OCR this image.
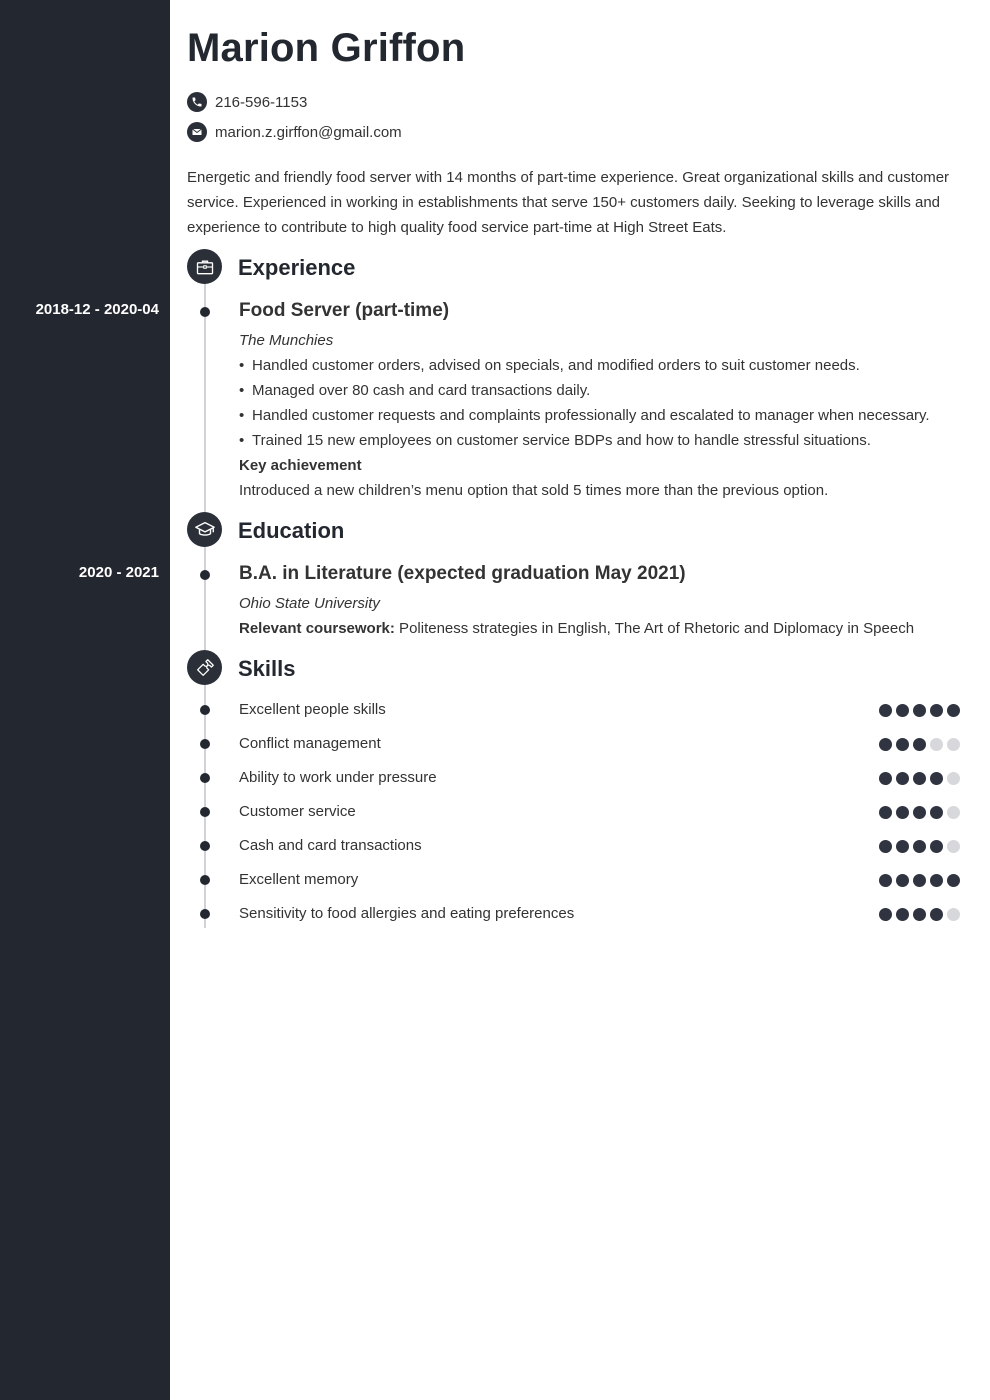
Marion Griffon
216-596-1153
marion.z.girffon@gmail.com

Energetic and friendly food server with 14 months of part-time experience. Great organizational skills and customer service. Experienced in working in establishments that serve 150+ customers daily. Seeking to leverage skills and experience to contribute to high quality food service part-time at High Street Eats.

Experience
2018-12 - 2020-04	Food Server (part-time)
The Munchies
• Handled customer orders, advised on specials, and modified orders to suit customer needs.
• Managed over 80 cash and card transactions daily.
• Handled customer requests and complaints professionally and escalated to manager when necessary.
• Trained 15 new employees on customer service BDPs and how to handle stressful situations.
Key achievement
Introduced a new children’s menu option that sold 5 times more than the previous option.
Education
2020 - 2021	B.A. in Literature (expected graduation May 2021)
Ohio State University
Relevant coursework: Politeness strategies in English, The Art of Rhetoric and Diplomacy in Speech
Skills
Excellent people skills
Conflict management
Ability to work under pressure
Customer service
Cash and card transactions
Excellent memory
Sensitivity to food allergies and eating preferences
